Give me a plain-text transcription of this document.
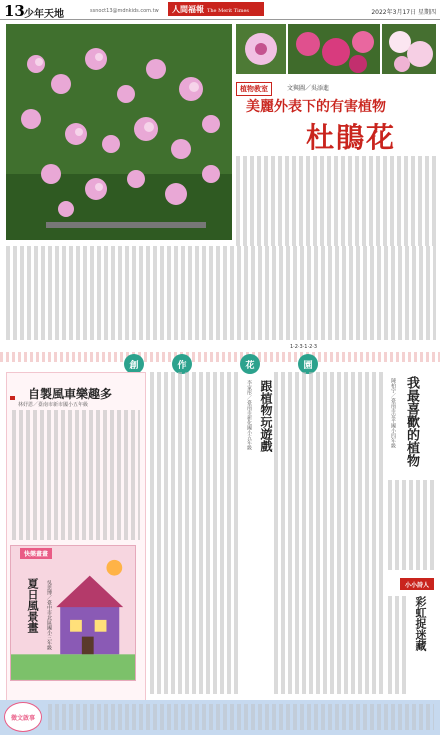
13 少年天地	ssnoct13@mdnkids.com.tw	人間福報 The Merit Times	2022年3月17日 星期四
植物教室	文與圖／吳添進
美麗外表下的有害植物
杜鵑花
1·2·3·1·2·3
創	作	花	園
自製風車樂趣多
林妤恩／臺南市新市國小五年級
快樂畫畫
夏日風景畫 吳思博／臺中市北區國小三年級
跟植物玩遊戲
李家彤／臺南市新化國小五年級	我最喜歡的植物
陳柏宇／臺南市安平國小四年級
小小詩人
彩虹捉迷藏
徵文啟事
